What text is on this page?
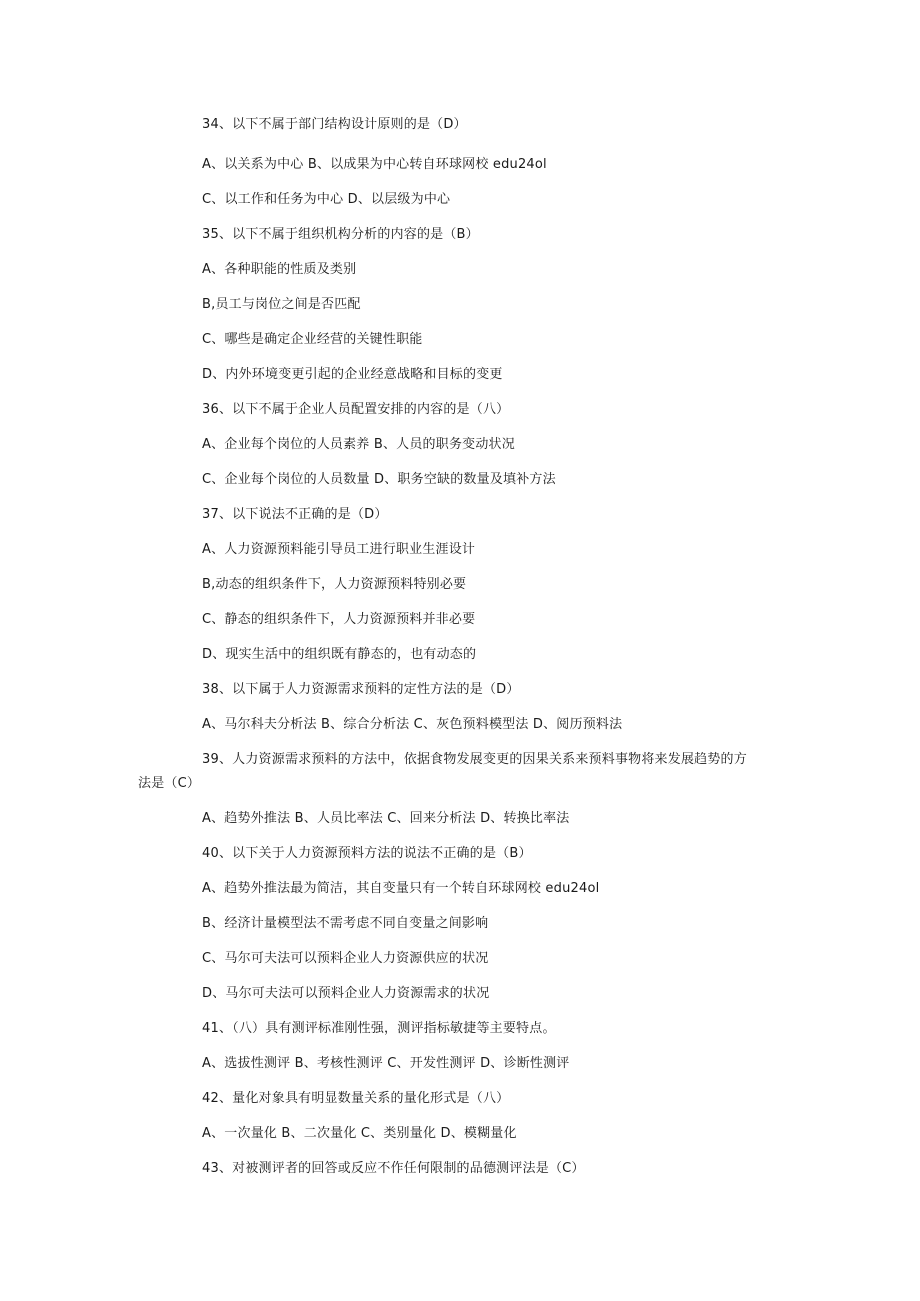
34、以下不属于部门结构设计原则的是（D）
A、以关系为中心 B、以成果为中心转自环球网校 edu24ol
C、以工作和任务为中心 D、以层级为中心
35、以下不属于组织机构分析的内容的是（B）
A、各种职能的性质及类别
B,员工与岗位之间是否匹配
C、哪些是确定企业经营的关键性职能
D、内外环境变更引起的企业经意战略和目标的变更
36、以下不属于企业人员配置安排的内容的是（八）
A、企业每个岗位的人员素养 B、人员的职务变动状况
C、企业每个岗位的人员数量 D、职务空缺的数量及填补方法
37、以下说法不正确的是（D）
A、人力资源预料能引导员工进行职业生涯设计
B,动态的组织条件下，人力资源预料特别必要
C、静态的组织条件下，人力资源预料并非必要
D、现实生活中的组织既有静态的，也有动态的
38、以下属于人力资源需求预料的定性方法的是（D）
A、马尔科夫分析法 B、综合分析法 C、灰色预料模型法 D、阅历预料法
39、人力资源需求预料的方法中，依据食物发展变更的因果关系来预料事物将来发展趋势的方
法是（C）
A、趋势外推法 B、人员比率法 C、回来分析法 D、转换比率法
40、以下关于人力资源预料方法的说法不正确的是（B）
A、趋势外推法最为简洁，其自变量只有一个转自环球网校 edu24ol
B、经济计量模型法不需考虑不同自变量之间影响
C、马尔可夫法可以预料企业人力资源供应的状况
D、马尔可夫法可以预料企业人力资源需求的状况
41、（八）具有测评标准刚性强，测评指标敏捷等主要特点。
A、选拔性测评 B、考核性测评 C、开发性测评 D、诊断性测评
42、量化对象具有明显数量关系的量化形式是（八）
A、一次量化 B、二次量化 C、类别量化 D、模糊量化
43、对被测评者的回答或反应不作任何限制的品德测评法是（C）
